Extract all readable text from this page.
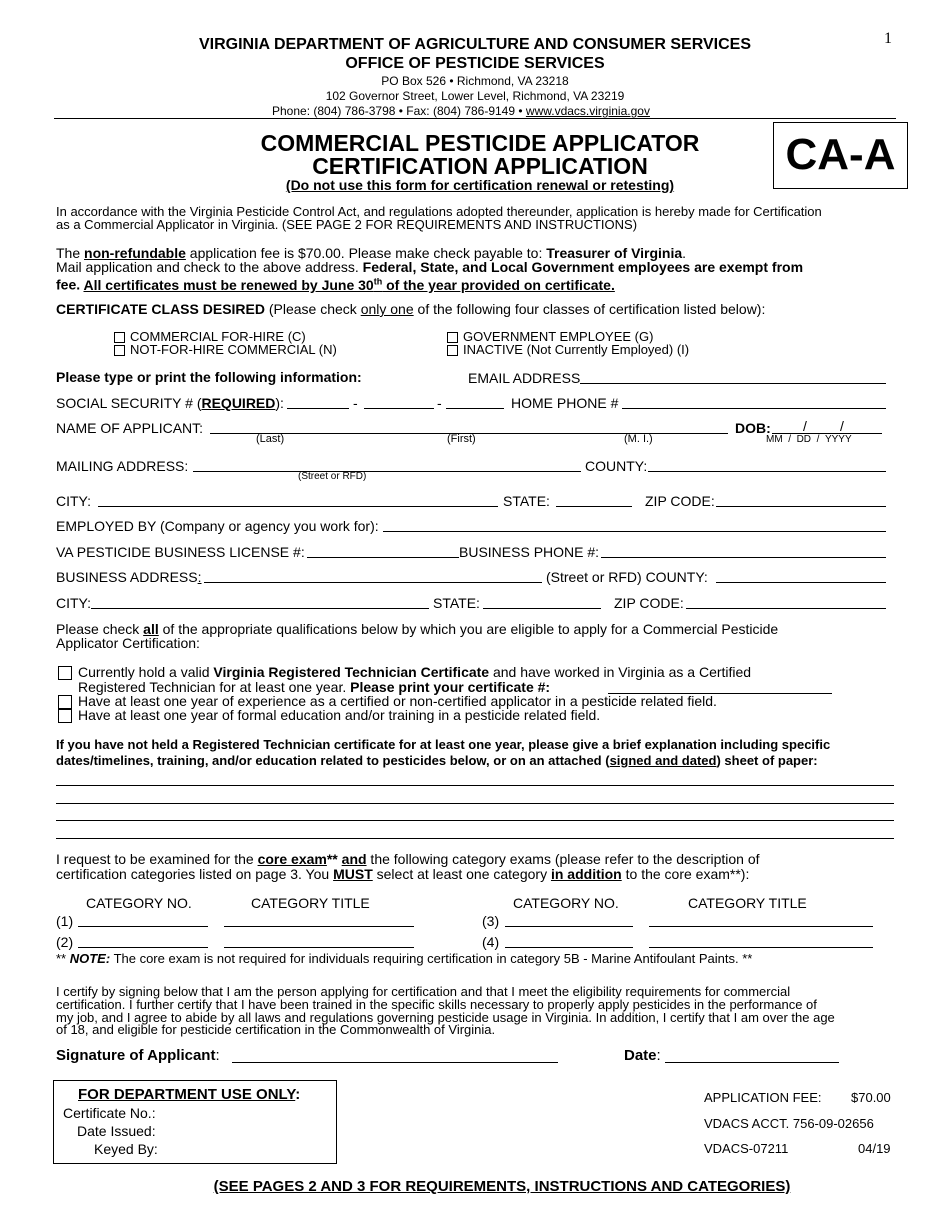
1
VIRGINIA DEPARTMENT OF AGRICULTURE AND CONSUMER SERVICES
OFFICE OF PESTICIDE SERVICES
PO Box 526 • Richmond, VA 23218
102 Governor Street, Lower Level, Richmond, VA 23219
Phone: (804) 786-3798 • Fax: (804) 786-9149 • www.vdacs.virginia.gov
COMMERCIAL PESTICIDE APPLICATOR
CERTIFICATION APPLICATION
(Do not use this form for certification renewal or retesting)
CA-A
In accordance with the Virginia Pesticide Control Act, and regulations adopted thereunder, application is hereby made for Certification
as a Commercial Applicator in Virginia. (SEE PAGE 2 FOR REQUIREMENTS AND INSTRUCTIONS)
The non-refundable application fee is $70.00. Please make check payable to: Treasurer of Virginia.
Mail application and check to the above address. Federal, State, and Local Government employees are exempt from
fee. All certificates must be renewed by June 30th of the year provided on certificate.
CERTIFICATE CLASS DESIRED (Please check only one of the following four classes of certification listed below):
COMMERCIAL FOR-HIRE (C)
NOT-FOR-HIRE COMMERCIAL (N)
GOVERNMENT EMPLOYEE (G)
INACTIVE (Not Currently Employed) (I)
Please type or print the following information:	EMAIL ADDRESS
SOCIAL SECURITY # (REQUIRED):	-	-	HOME PHONE #
NAME OF APPLICANT:
(Last)	(First)	(M. I.)
DOB: / /
MM / DD / YYYY
MAILING ADDRESS:
(Street or RFD)
COUNTY:
CITY:	STATE:	ZIP CODE:
EMPLOYED BY (Company or agency you work for):
VA PESTICIDE BUSINESS LICENSE #:	BUSINESS PHONE #:
BUSINESS ADDRESS:	(Street or RFD) COUNTY:
CITY:	STATE:	ZIP CODE:
Please check all of the appropriate qualifications below by which you are eligible to apply for a Commercial Pesticide
Applicator Certification:
Currently hold a valid Virginia Registered Technician Certificate and have worked in Virginia as a Certified
Registered Technician for at least one year. Please print your certificate #:
Have at least one year of experience as a certified or non-certified applicator in a pesticide related field.
Have at least one year of formal education and/or training in a pesticide related field.
If you have not held a Registered Technician certificate for at least one year, please give a brief explanation including specific
dates/timelines, training, and/or education related to pesticides below, or on an attached (signed and dated) sheet of paper:
I request to be examined for the core exam** and the following category exams (please refer to the description of
certification categories listed on page 3. You MUST select at least one category in addition to the core exam**):
CATEGORY NO.	CATEGORY TITLE	CATEGORY NO.	CATEGORY TITLE
(1)	(3)
(2)	(4)
** NOTE: The core exam is not required for individuals requiring certification in category 5B - Marine Antifoulant Paints. **
I certify by signing below that I am the person applying for certification and that I meet the eligibility requirements for commercial
certification. I further certify that I have been trained in the specific skills necessary to properly apply pesticides in the performance of
my job, and I agree to abide by all laws and regulations governing pesticide usage in Virginia. In addition, I certify that I am over the age
of 18, and eligible for pesticide certification in the Commonwealth of Virginia.
Signature of Applicant:	Date:
FOR DEPARTMENT USE ONLY:
Certificate No.:
Date Issued:
Keyed By:
APPLICATION FEE: $70.00
VDACS ACCT. 756-09-02656
VDACS-07211	04/19
(SEE PAGES 2 AND 3 FOR REQUIREMENTS, INSTRUCTIONS AND CATEGORIES)
